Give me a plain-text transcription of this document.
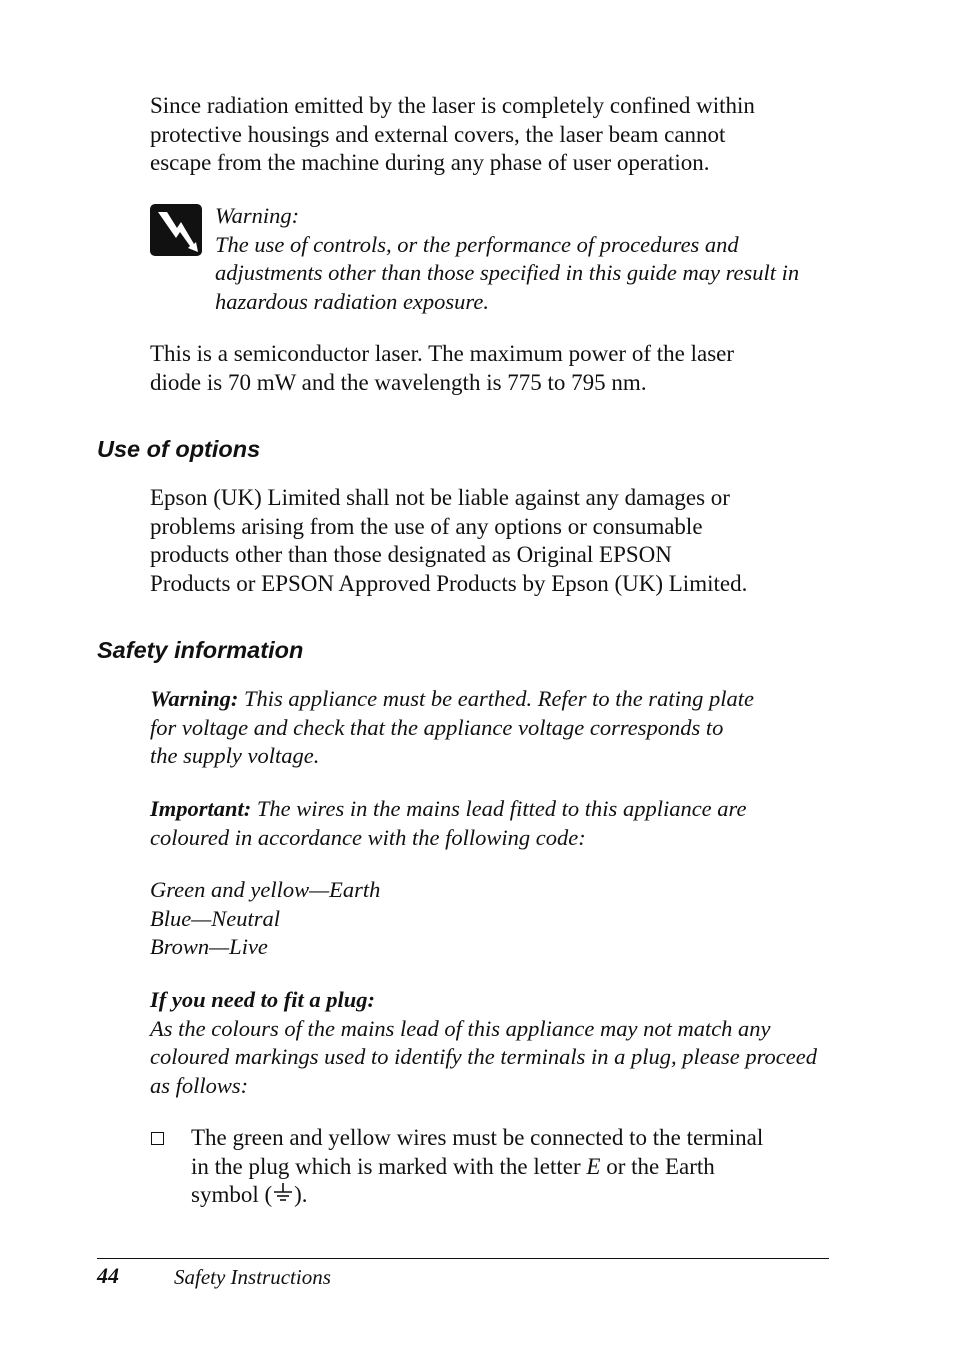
Since radiation emitted by the laser is completely confined within
protective housings and external covers, the laser beam cannot
escape from the machine during any phase of user operation.
Warning:
The use of controls, or the performance of procedures and
adjustments other than those specified in this guide may result in
hazardous radiation exposure.
This is a semiconductor laser. The maximum power of the laser
diode is 70 mW and the wavelength is 775 to 795 nm.
Use of options
Epson (UK) Limited shall not be liable against any damages or
problems arising from the use of any options or consumable
products other than those designated as Original EPSON
Products or EPSON Approved Products by Epson (UK) Limited.
Safety information
Warning: This appliance must be earthed. Refer to the rating plate
for voltage and check that the appliance voltage corresponds to
the supply voltage.
Important: The wires in the mains lead fitted to this appliance are
coloured in accordance with the following code:
Green and yellow—Earth
Blue—Neutral
Brown—Live
If you need to fit a plug:
As the colours of the mains lead of this appliance may not match any
coloured markings used to identify the terminals in a plug, please proceed
as follows:
The green and yellow wires must be connected to the terminal
in the plug which is marked with the letter E or the Earth
symbol ( ).
44	Safety Instructions
